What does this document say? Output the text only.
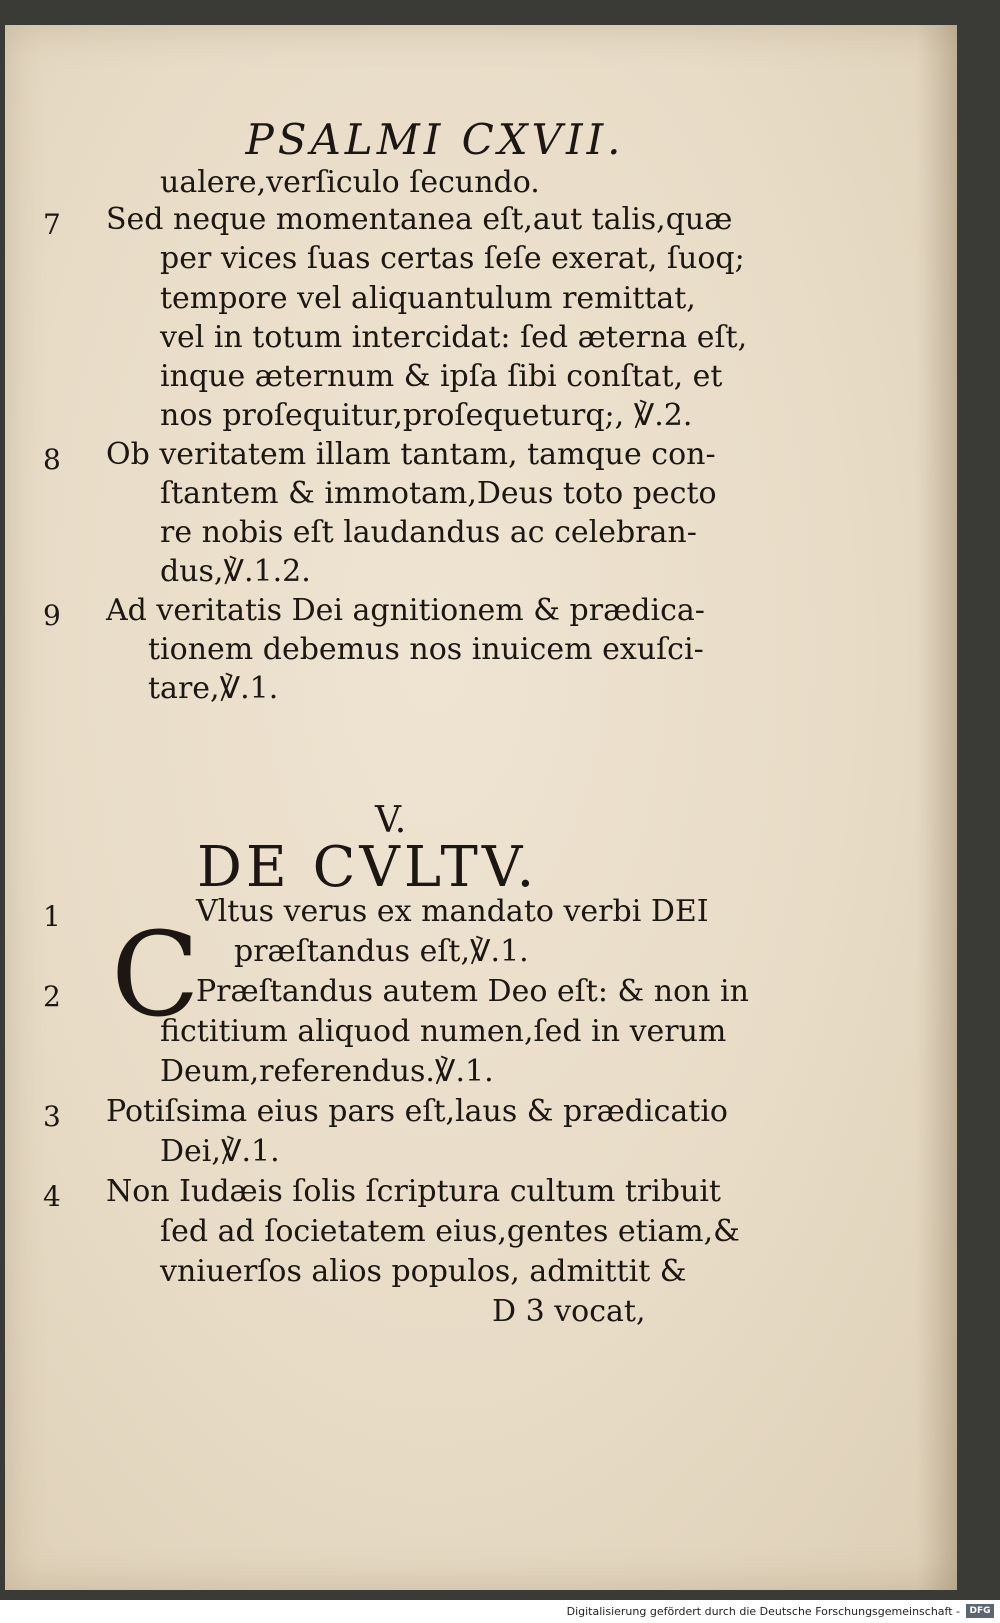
PSALMI CXVII.
ualere,verſiculo ſecundo.
7 Sed neque momentanea eſt,aut talis,quæ
per vices ſuas certas ſeſe exerat, ſuoq;
tempore vel aliquantulum remittat,
vel in totum intercidat: ſed æterna eſt,
inque æternum & ipſa ſibi conſtat, et
nos proſequitur,proſequeturq;, ℣.2.
8 Ob veritatem illam tantam, tamque con-
ſtantem & immotam,Deus toto pecto
re nobis eſt laudandus ac celebran-
dus,℣.1.2.
9 Ad veritatis Dei agnitionem & prædica-
tionem debemus nos inuicem exuſci-
tare,℣.1.
1	Vltus verus ex mandato verbi DEI
præſtandus eſt,℣.1.
2	Præſtandus autem Deo eſt: & non in
fictitium aliquod numen,ſed in verum
Deum,referendus.℣.1.
3 Potiſsima eius pars eſt,laus & prædicatio
Dei,℣.1.
4 Non Iudæis ſolis ſcriptura cultum tribuit
ſed ad ſocietatem eius,gentes etiam,&
vniuerſos alios populos, admittit &
D 3 vocat,
V.
DE CVLTV.
C
Digitalisierung gefördert durch die Deutsche Forschungsgemeinschaft -	DFG
